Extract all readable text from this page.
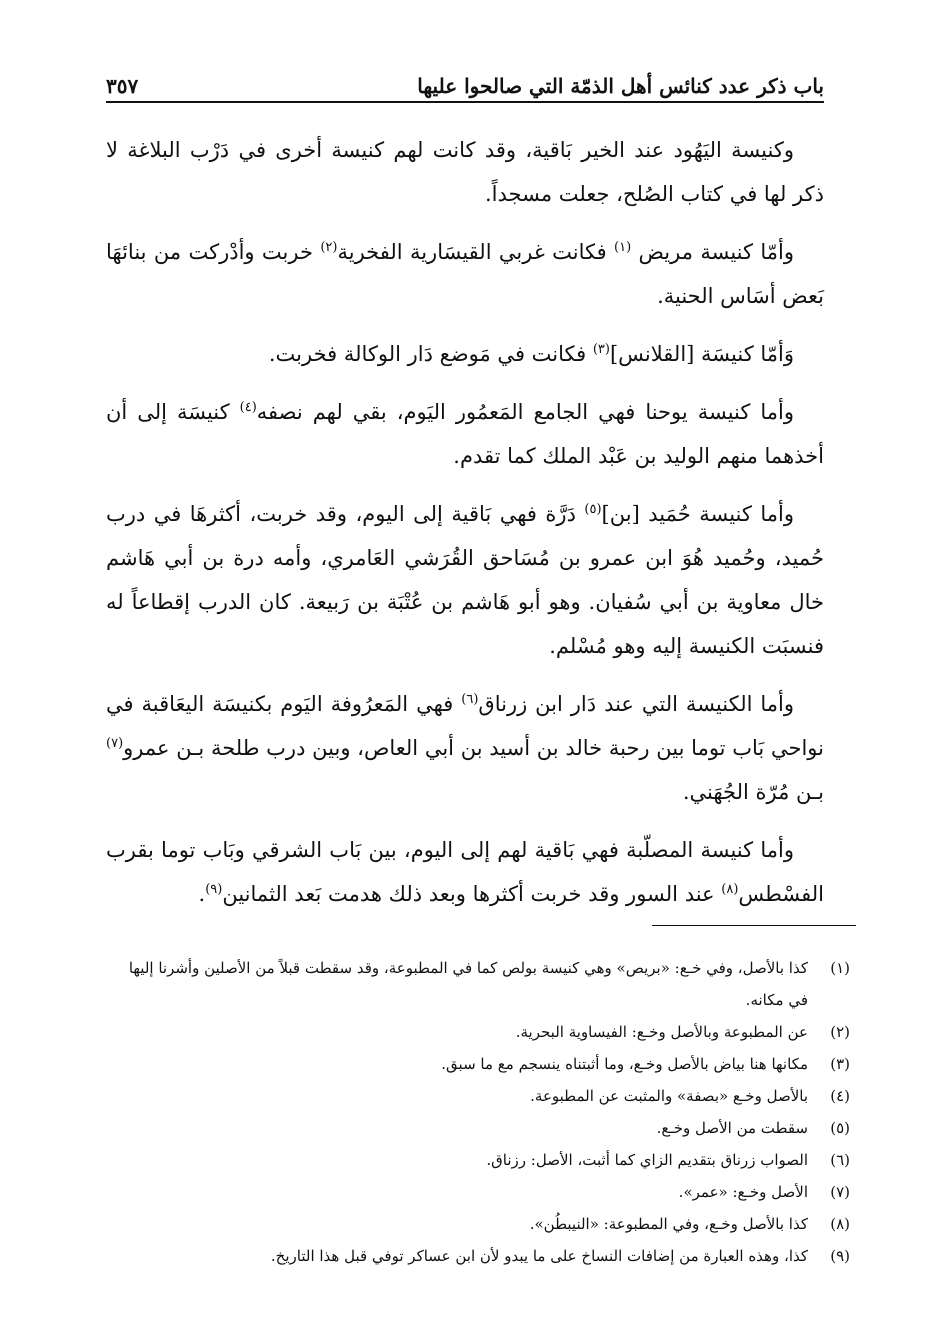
باب ذكر عدد كنائس أهل الذمّة التي صالحوا عليها
٣٥٧

وكنيسة اليَهُود عند الخير بَاقية، وقد كانت لهم كنيسة أخرى في دَرْب البلاغة لا ذكر لها في كتاب الصُلح، جعلت مسجداً.

وأمّا كنيسة مريض $^{(١)}$ فكانت غربي القيسَارية الفخرية$^{(٢)}$ خربت وأدْركت من بنائهَا بَعض أسَاس الحنية.

وَأمّا كنيسَة [القلانس]$^{(٣)}$ فكانت في مَوضع دَار الوكالة فخربت.

وأما كنيسة يوحنا فهي الجامع المَعمُور اليَوم، بقي لهم نصفه$^{(٤)}$ كنيسَة إلى أن أخذهما منهم الوليد بن عَبْد الملك كما تقدم.

وأما كنيسة حُمَيد [بن]$^{(٥)}$ دَرَّة فهي بَاقية إلى اليوم، وقد خربت، أكثرهَا في درب حُميد، وحُميد هُوَ ابن عمرو بن مُسَاحق القُرَشي العَامري، وأمه درة بن أبي هَاشم خال معاوية بن أبي سُفيان. وهو أبو هَاشم بن عُتْبَة بن رَبيعة. كان الدرب إقطاعاً له فنسبَت الكنيسة إليه وهو مُسْلم.

وأما الكنيسة التي عند دَار ابن زرناق$^{(٦)}$ فهي المَعرُوفة اليَوم بكنيسَة اليعَاقبة في نواحي بَاب توما بين رحبة خالد بن أسيد بن أبي العاص، وبين درب طلحة بـن عمرو$^{(٧)}$ بـن مُرّة الجُهَني.

وأما كنيسة المصلّبة فهي بَاقية لهم إلى اليوم، بين بَاب الشرقي وبَاب توما بقرب الفسْطس$^{(٨)}$ عند السور وقد خربت أكثرها وبعد ذلك هدمت بَعد الثمانين$^{(٩)}$.

(١)
كذا بالأصل، وفي خـع: «بريص» وهي كنيسة بولص كما في المطبوعة، وقد سقطت قبلاً من الأصلين وأشرنا إليها في مكانه.
(٢)
عن المطبوعة وبالأصل وخـع: الفيساوية البحرية.
(٣)
مكانها هنا بياض بالأصل وخـع، وما أثبتناه ينسجم مع ما سبق.
(٤)
بالأصل وخـع «بصفة» والمثبت عن المطبوعة.
(٥)
سقطت من الأصل وخـع.
(٦)
الصواب زرناق بتقديم الزاي كما أثبت، الأصل: رزناق.
(٧)
الأصل وخـع: «عمر».
(٨)
كذا بالأصل وخـع، وفي المطبوعة: «النيبطُن».
(٩)
كذا، وهذه العبارة من إضافات النساخ على ما يبدو لأن ابن عساكر توفي قبل هذا التاريخ.
